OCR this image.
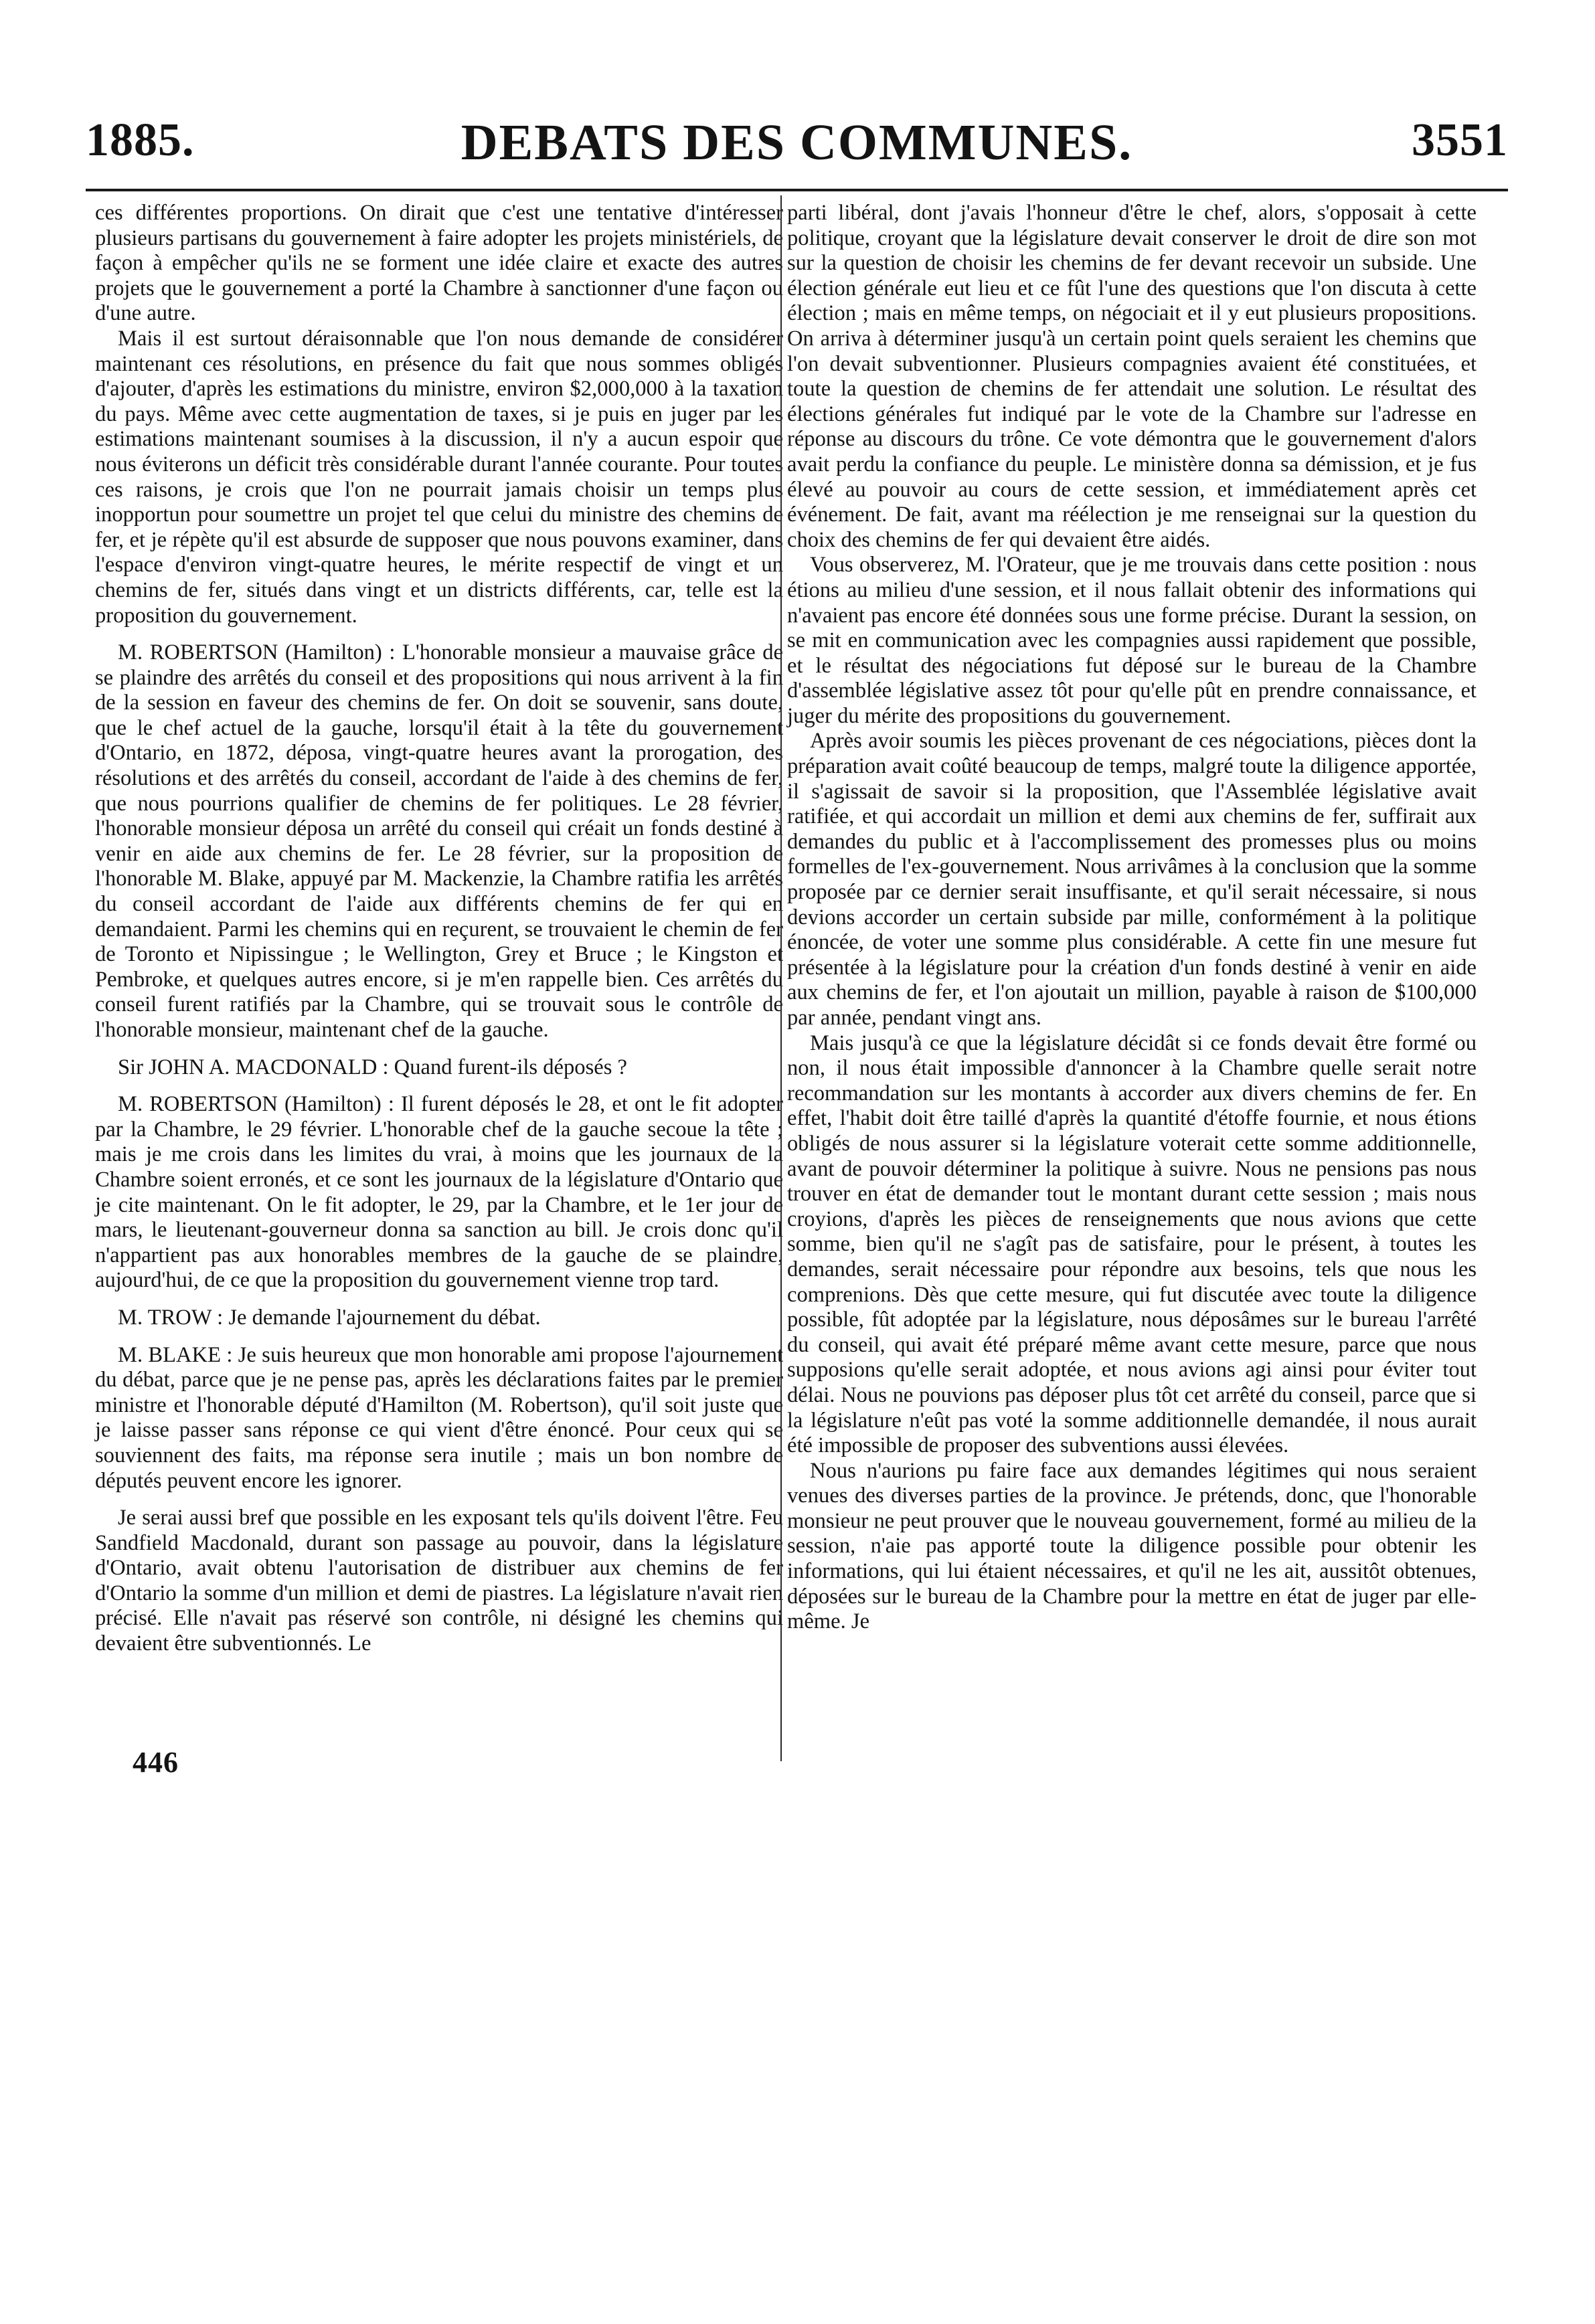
1885.	DEBATS DES COMMUNES.	3551

ces différentes proportions. On dirait que c'est une tentative d'intéresser plusieurs partisans du gouvernement à faire adopter les projets ministériels, de façon à empêcher qu'ils ne se forment une idée claire et exacte des autres projets que le gouvernement a porté la Chambre à sanctionner d'une façon ou d'une autre.

Mais il est surtout déraisonnable que l'on nous demande de considérer maintenant ces résolutions, en présence du fait que nous sommes obligés d'ajouter, d'après les estimations du ministre, environ $2,000,000 à la taxation du pays. Même avec cette augmentation de taxes, si je puis en juger par les estimations maintenant soumises à la discussion, il n'y a aucun espoir que nous éviterons un déficit très considérable durant l'année courante. Pour toutes ces raisons, je crois que l'on ne pourrait jamais choisir un temps plus inopportun pour soumettre un projet tel que celui du ministre des chemins de fer, et je répète qu'il est absurde de supposer que nous pouvons examiner, dans l'espace d'environ vingt-quatre heures, le mérite respectif de vingt et un chemins de fer, situés dans vingt et un districts différents, car, telle est la proposition du gouvernement.

M. ROBERTSON (Hamilton) : L'honorable monsieur a mauvaise grâce de se plaindre des arrêtés du conseil et des propositions qui nous arrivent à la fin de la session en faveur des chemins de fer. On doit se souvenir, sans doute, que le chef actuel de la gauche, lorsqu'il était à la tête du gouvernement d'Ontario, en 1872, déposa, vingt-quatre heures avant la prorogation, des résolutions et des arrêtés du conseil, accordant de l'aide à des chemins de fer, que nous pourrions qualifier de chemins de fer politiques. Le 28 février, l'honorable monsieur déposa un arrêté du conseil qui créait un fonds destiné à venir en aide aux chemins de fer. Le 28 février, sur la proposition de l'honorable M. Blake, appuyé par M. Mackenzie, la Chambre ratifia les arrêtés du conseil accordant de l'aide aux différents chemins de fer qui en demandaient. Parmi les chemins qui en reçurent, se trouvaient le chemin de fer de Toronto et Nipissingue ; le Wellington, Grey et Bruce ; le Kingston et Pembroke, et quelques autres encore, si je m'en rappelle bien. Ces arrêtés du conseil furent ratifiés par la Chambre, qui se trouvait sous le contrôle de l'honorable monsieur, maintenant chef de la gauche.

Sir JOHN A. MACDONALD : Quand furent-ils déposés ?

M. ROBERTSON (Hamilton) : Il furent déposés le 28, et ont le fit adopter par la Chambre, le 29 février. L'honorable chef de la gauche secoue la tête ; mais je me crois dans les limites du vrai, à moins que les journaux de la Chambre soient erronés, et ce sont les journaux de la législature d'Ontario que je cite maintenant. On le fit adopter, le 29, par la Chambre, et le 1er jour de mars, le lieutenant-gouverneur donna sa sanction au bill. Je crois donc qu'il n'appartient pas aux honorables membres de la gauche de se plaindre, aujourd'hui, de ce que la proposition du gouvernement vienne trop tard.

M. TROW : Je demande l'ajournement du débat.

M. BLAKE : Je suis heureux que mon honorable ami propose l'ajournement du débat, parce que je ne pense pas, après les déclarations faites par le premier ministre et l'honorable député d'Hamilton (M. Robertson), qu'il soit juste que je laisse passer sans réponse ce qui vient d'être énoncé. Pour ceux qui se souviennent des faits, ma réponse sera inutile ; mais un bon nombre de députés peuvent encore les ignorer.

Je serai aussi bref que possible en les exposant tels qu'ils doivent l'être. Feu Sandfield Macdonald, durant son passage au pouvoir, dans la législature d'Ontario, avait obtenu l'autorisation de distribuer aux chemins de fer d'Ontario la somme d'un million et demi de piastres. La législature n'avait rien précisé. Elle n'avait pas réservé son contrôle, ni désigné les chemins qui devaient être subventionnés. Le

parti libéral, dont j'avais l'honneur d'être le chef, alors, s'opposait à cette politique, croyant que la législature devait conserver le droit de dire son mot sur la question de choisir les chemins de fer devant recevoir un subside. Une élection générale eut lieu et ce fût l'une des questions que l'on discuta à cette élection ; mais en même temps, on négociait et il y eut plusieurs propositions. On arriva à déterminer jusqu'à un certain point quels seraient les chemins que l'on devait subventionner. Plusieurs compagnies avaient été constituées, et toute la question de chemins de fer attendait une solution. Le résultat des élections générales fut indiqué par le vote de la Chambre sur l'adresse en réponse au discours du trône. Ce vote démontra que le gouvernement d'alors avait perdu la confiance du peuple. Le ministère donna sa démission, et je fus élevé au pouvoir au cours de cette session, et immédiatement après cet événement. De fait, avant ma réélection je me renseignai sur la question du choix des chemins de fer qui devaient être aidés.

Vous observerez, M. l'Orateur, que je me trouvais dans cette position : nous étions au milieu d'une session, et il nous fallait obtenir des informations qui n'avaient pas encore été données sous une forme précise. Durant la session, on se mit en communication avec les compagnies aussi rapidement que possible, et le résultat des négociations fut déposé sur le bureau de la Chambre d'assemblée législative assez tôt pour qu'elle pût en prendre connaissance, et juger du mérite des propositions du gouvernement.

Après avoir soumis les pièces provenant de ces négociations, pièces dont la préparation avait coûté beaucoup de temps, malgré toute la diligence apportée, il s'agissait de savoir si la proposition, que l'Assemblée législative avait ratifiée, et qui accordait un million et demi aux chemins de fer, suffirait aux demandes du public et à l'accomplissement des promesses plus ou moins formelles de l'ex-gouvernement. Nous arrivâmes à la conclusion que la somme proposée par ce dernier serait insuffisante, et qu'il serait nécessaire, si nous devions accorder un certain subside par mille, conformément à la politique énoncée, de voter une somme plus considérable. A cette fin une mesure fut présentée à la législature pour la création d'un fonds destiné à venir en aide aux chemins de fer, et l'on ajoutait un million, payable à raison de $100,000 par année, pendant vingt ans.

Mais jusqu'à ce que la législature décidât si ce fonds devait être formé ou non, il nous était impossible d'annoncer à la Chambre quelle serait notre recommandation sur les montants à accorder aux divers chemins de fer. En effet, l'habit doit être taillé d'après la quantité d'étoffe fournie, et nous étions obligés de nous assurer si la législature voterait cette somme additionnelle, avant de pouvoir déterminer la politique à suivre. Nous ne pensions pas nous trouver en état de demander tout le montant durant cette session ; mais nous croyions, d'après les pièces de renseignements que nous avions que cette somme, bien qu'il ne s'agît pas de satisfaire, pour le présent, à toutes les demandes, serait nécessaire pour répondre aux besoins, tels que nous les comprenions. Dès que cette mesure, qui fut discutée avec toute la diligence possible, fût adoptée par la législature, nous déposâmes sur le bureau l'arrêté du conseil, qui avait été préparé même avant cette mesure, parce que nous supposions qu'elle serait adoptée, et nous avions agi ainsi pour éviter tout délai. Nous ne pouvions pas déposer plus tôt cet arrêté du conseil, parce que si la législature n'eût pas voté la somme additionnelle demandée, il nous aurait été impossible de proposer des subventions aussi élevées.

Nous n'aurions pu faire face aux demandes légitimes qui nous seraient venues des diverses parties de la province. Je prétends, donc, que l'honorable monsieur ne peut prouver que le nouveau gouvernement, formé au milieu de la session, n'aie pas apporté toute la diligence possible pour obtenir les informations, qui lui étaient nécessaires, et qu'il ne les ait, aussitôt obtenues, déposées sur le bureau de la Chambre pour la mettre en état de juger par elle-même. Je

446
